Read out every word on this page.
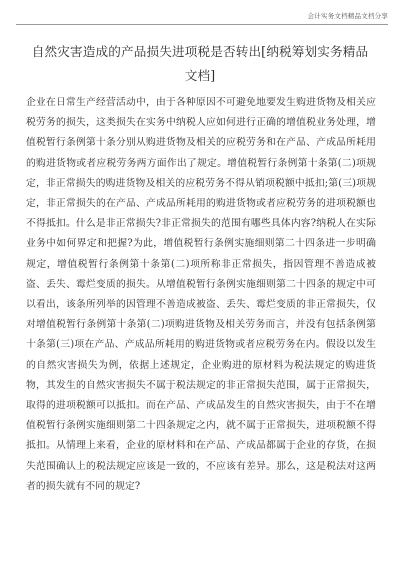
会计实务文档精品文档分享
自然灾害造成的产品损失进项税是否转出[纳税筹划实务精品文档]

企业在日常生产经营活动中，由于各种原因不可避免地要发生购进货物及相关应税劳务的损失，这类损失在实务中纳税人应如何进行正确的增值税业务处理，增值税暂行条例第十条分别从购进货物及相关的应税劳务和在产品、产成品所耗用的购进货物或者应税劳务两方面作出了规定。增值税暂行条例第十条第(二)项规定，非正常损失的购进货物及相关的应税劳务不得从销项税额中抵扣;第(三)项规定，非正常损失的在产品、产成品所耗用的购进货物或者应税劳务的进项税额也不得抵扣。什么是非正常损失?非正常损失的范围有哪些具体内容?纳税人在实际业务中如何界定和把握?为此，增值税暂行条例实施细则第二十四条进一步明确规定，增值税暂行条例第十条第(二)项所称非正常损失，指因管理不善造成被盗、丢失、霉烂变质的损失。从增值税暂行条例实施细则第二十四条的规定中可以看出，该条所列举的因管理不善造成被盗、丢失、霉烂变质的非正常损失，仅对增值税暂行条例第十条第(二)项购进货物及相关劳务而言，并没有包括条例第十条第(三)项在产品、产成品所耗用的购进货物或者应税劳务在内。假设以发生的自然灾害损失为例，依据上述规定，企业购进的原材料为税法规定的购进货物，其发生的自然灾害损失不属于税法规定的非正常损失范围，属于正常损失，取得的进项税额可以抵扣。而在产品、产成品发生的自然灾害损失，由于不在增值税暂行条例实施细则第二十四条规定之内，就不属于正常损失，进项税额不得抵扣。从情理上来看，企业的原材料和在产品、产成品都属于企业的存货，在损失范围确认上的税法规定应该是一致的，不应该有差异。那么，这是税法对这两者的损失就有不同的规定?
